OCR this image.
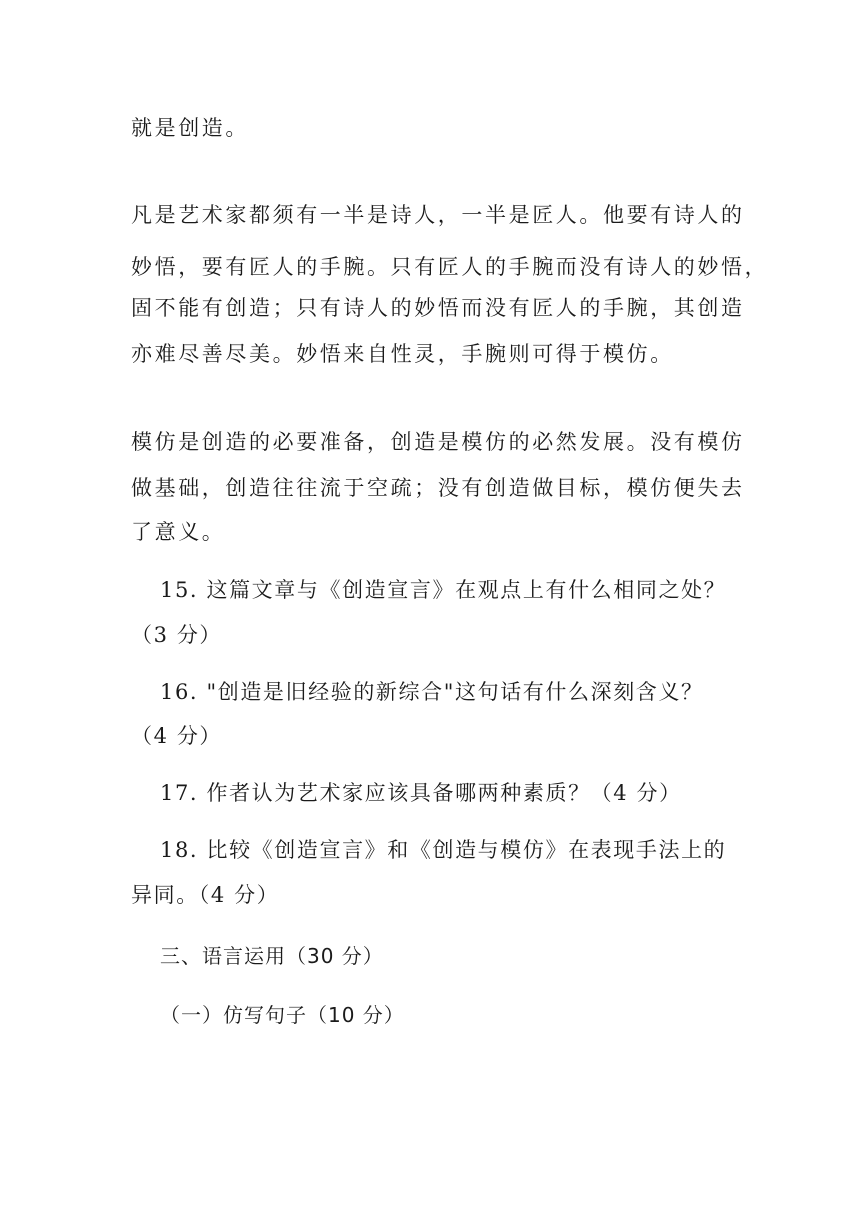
就是创造。
凡是艺术家都须有一半是诗人，一半是匠人。他要有诗人的
妙悟，要有匠人的手腕。只有匠人的手腕而没有诗人的妙悟，
固不能有创造；只有诗人的妙悟而没有匠人的手腕，其创造
亦难尽善尽美。妙悟来自性灵，手腕则可得于模仿。
模仿是创造的必要准备，创造是模仿的必然发展。没有模仿
做基础，创造往往流于空疏；没有创造做目标，模仿便失去
了意义。
15. 这篇文章与《创造宣言》在观点上有什么相同之处？
（3 分）
16. "创造是旧经验的新综合"这句话有什么深刻含义？
（4 分）
17. 作者认为艺术家应该具备哪两种素质？（4 分）
18. 比较《创造宣言》和《创造与模仿》在表现手法上的
异同。（4 分）
三、语言运用（30 分）
（一）仿写句子（10 分）
